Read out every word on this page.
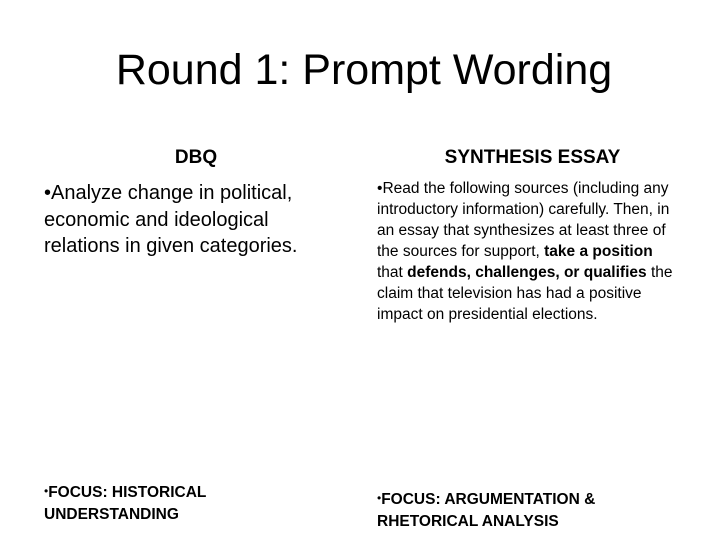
Round 1: Prompt Wording
DBQ	SYNTHESIS ESSAY
•Analyze change in political, economic and ideological relations in given categories.
•Read the following sources (including any introductory information) carefully. Then, in an essay that synthesizes at least three of the sources for support, take a position that defends, challenges, or qualifies the claim that television has had a positive impact on presidential elections.
•FOCUS: HISTORICAL UNDERSTANDING
•FOCUS: ARGUMENTATION & RHETORICAL ANALYSIS
